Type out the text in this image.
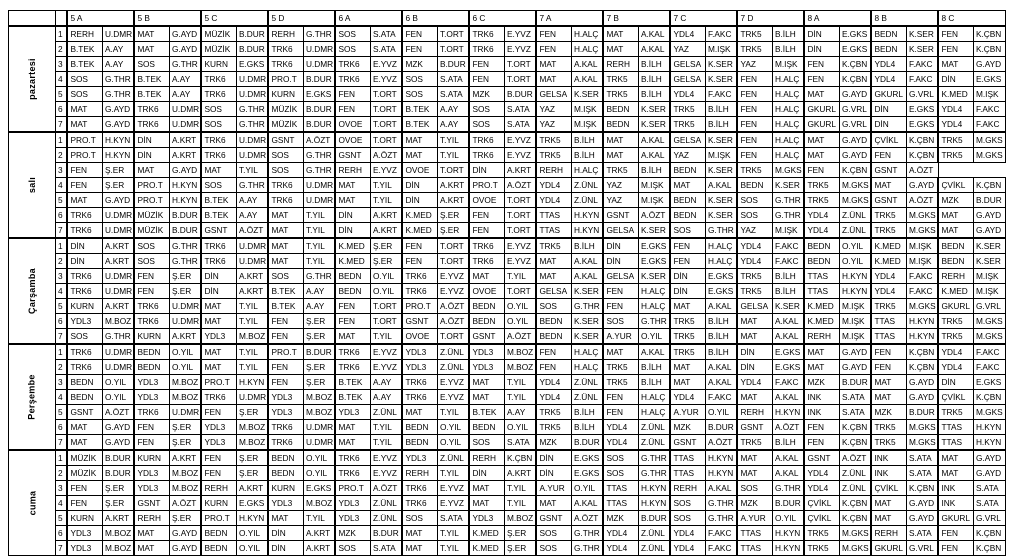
		5 A		5 B		5 C		5 D		6 A		6 B		6 C		7 A		7 B		7 C		7 D		8 A		8 B		8 C	
pazartesi	1	RERH	U.DMR	MAT	G.AYD	MÜZİK	B.DUR	RERH	G.THR	SOS	S.ATA	FEN	T.ORT	TRK6	E.YVZ	FEN	H.ALÇ	MAT	A.KAL	YDL4	F.AKC	TRK5	B.İLH	DİN	E.GKS	BEDN	K.SER	FEN	K.ÇBN
	2	B.TEK	A.AY	MAT	G.AYD	MÜZİK	B.DUR	TRK6	U.DMR	SOS	S.ATA	FEN	T.ORT	TRK6	E.YVZ	FEN	H.ALÇ	MAT	A.KAL	YAZ	M.IŞK	TRK5	B.İLH	DİN	E.GKS	BEDN	K.SER	FEN	K.ÇBN
	3	B.TEK	A.AY	SOS	G.THR	KURN	E.GKS	TRK6	U.DMR	TRK6	E.YVZ	MZK	B.DUR	FEN	T.ORT	MAT	A.KAL	RERH	B.İLH	GELSA	K.SER	YAZ	M.IŞK	FEN	K.ÇBN	YDL4	F.AKC	MAT	G.AYD
	4	SOS	G.THR	B.TEK	A.AY	TRK6	U.DMR	PRO.T	B.DUR	TRK6	E.YVZ	SOS	S.ATA	FEN	T.ORT	MAT	A.KAL	TRK5	B.İLH	GELSA	K.SER	FEN	H.ALÇ	FEN	K.ÇBN	YDL4	F.AKC	DİN	E.GKS
	5	SOS	G.THR	B.TEK	A.AY	TRK6	U.DMR	KURN	E.GKS	FEN	T.ORT	SOS	S.ATA	MZK	B.DUR	GELSA	K.SER	TRK5	B.İLH	YDL4	F.AKC	FEN	H.ALÇ	MAT	G.AYD	GKURL	G.VRL	K.MED	M.IŞK
	6	MAT	G.AYD	TRK6	U.DMR	SOS	G.THR	MÜZİK	B.DUR	FEN	T.ORT	B.TEK	A.AY	SOS	S.ATA	YAZ	M.IŞK	BEDN	K.SER	TRK5	B.İLH	FEN	H.ALÇ	GKURL	G.VRL	DİN	E.GKS	YDL4	F.AKC
	7	MAT	G.AYD	TRK6	U.DMR	SOS	G.THR	MÜZİK	B.DUR	OVOE	T.ORT	B.TEK	A.AY	SOS	S.ATA	YAZ	M.IŞK	BEDN	K.SER	TRK5	B.İLH	FEN	H.ALÇ	GKURL	G.VRL	DİN	E.GKS	YDL4	F.AKC
salı	1	PRO.T	H.KYN	DİN	A.KRT	TRK6	U.DMR	GSNT	A.ÖZT	OVOE	T.ORT	MAT	T.YIL	TRK6	E.YVZ	TRK5	B.İLH	MAT	A.KAL	GELSA	K.SER	FEN	H.ALÇ	MAT	G.AYD	ÇVİKL	K.ÇBN	TRK5	M.GKS
	2	PRO.T	H.KYN	DİN	A.KRT	TRK6	U.DMR	SOS	G.THR	GSNT	A.ÖZT	MAT	T.YIL	TRK6	E.YVZ	TRK5	B.İLH	MAT	A.KAL	YAZ	M.IŞK	FEN	H.ALÇ	MAT	G.AYD	FEN	K.ÇBN	TRK5	M.GKS
	3	FEN	Ş.ER	MAT	G.AYD	MAT	T.YIL	SOS	G.THR	RERH	E.YVZ	OVOE	T.ORT	DİN	A.KRT	RERH	H.ALÇ	TRK5	B.İLH	BEDN	K.SER	TRK5	M.GKS	FEN	K.ÇBN	GSNT	A.ÖZT		
	4	FEN	Ş.ER	PRO.T	H.KYN	SOS	G.THR	TRK6	U.DMR	MAT	T.YIL	DİN	A.KRT	PRO.T	A.ÖZT	YDL4	Z.ÜNL	YAZ	M.IŞK	MAT	A.KAL	BEDN	K.SER	TRK5	M.GKS	MAT	G.AYD	ÇVİKL	K.ÇBN
	5	MAT	G.AYD	PRO.T	H.KYN	B.TEK	A.AY	TRK6	U.DMR	MAT	T.YIL	DİN	A.KRT	OVOE	T.ORT	YDL4	Z.ÜNL	YAZ	M.IŞK	BEDN	K.SER	SOS	G.THR	TRK5	M.GKS	GSNT	A.ÖZT	MZK	B.DUR
	6	TRK6	U.DMR	MÜZİK	B.DUR	B.TEK	A.AY	MAT	T.YIL	DİN	A.KRT	K.MED	Ş.ER	FEN	T.ORT	TTAS	H.KYN	GSNT	A.ÖZT	BEDN	K.SER	SOS	G.THR	YDL4	Z.ÜNL	TRK5	M.GKS	MAT	G.AYD
	7	TRK6	U.DMR	MÜZİK	B.DUR	GSNT	A.ÖZT	MAT	T.YIL	DİN	A.KRT	K.MED	Ş.ER	FEN	T.ORT	TTAS	H.KYN	GELSA	K.SER	SOS	G.THR	YAZ	M.IŞK	YDL4	Z.ÜNL	TRK5	M.GKS	MAT	G.AYD
Çarşamba	1	DİN	A.KRT	SOS	G.THR	TRK6	U.DMR	MAT	T.YIL	K.MED	Ş.ER	FEN	T.ORT	TRK6	E.YVZ	TRK5	B.İLH	DİN	E.GKS	FEN	H.ALÇ	YDL4	F.AKC	BEDN	O.YIL	K.MED	M.IŞK	BEDN	K.SER
	2	DİN	A.KRT	SOS	G.THR	TRK6	U.DMR	MAT	T.YIL	K.MED	Ş.ER	FEN	T.ORT	TRK6	E.YVZ	MAT	A.KAL	DİN	E.GKS	FEN	H.ALÇ	YDL4	F.AKC	BEDN	O.YIL	K.MED	M.IŞK	BEDN	K.SER
	3	TRK6	U.DMR	FEN	Ş.ER	DİN	A.KRT	SOS	G.THR	BEDN	O.YIL	TRK6	E.YVZ	MAT	T.YIL	MAT	A.KAL	GELSA	K.SER	DİN	E.GKS	TRK5	B.İLH	TTAS	H.KYN	YDL4	F.AKC	RERH	M.IŞK
	4	TRK6	U.DMR	FEN	Ş.ER	DİN	A.KRT	B.TEK	A.AY	BEDN	O.YIL	TRK6	E.YVZ	OVOE	T.ORT	GELSA	K.SER	FEN	H.ALÇ	DİN	E.GKS	TRK5	B.İLH	TTAS	H.KYN	YDL4	F.AKC	K.MED	M.IŞK
	5	KURN	A.KRT	TRK6	U.DMR	MAT	T.YIL	B.TEK	A.AY	FEN	T.ORT	PRO.T	A.ÖZT	BEDN	O.YIL	SOS	G.THR	FEN	H.ALÇ	MAT	A.KAL	GELSA	K.SER	K.MED	M.IŞK	TRK5	M.GKS	GKURL	G.VRL
	6	YDL3	M.BOZ	TRK6	U.DMR	MAT	T.YIL	FEN	Ş.ER	FEN	T.ORT	GSNT	A.ÖZT	BEDN	O.YIL	BEDN	K.SER	SOS	G.THR	TRK5	B.İLH	MAT	A.KAL	K.MED	M.IŞK	TTAS	H.KYN	TRK5	M.GKS
	7	SOS	G.THR	KURN	A.KRT	YDL3	M.BOZ	FEN	Ş.ER	MAT	T.YIL	OVOE	T.ORT	GSNT	A.ÖZT	BEDN	K.SER	A.YUR	O.YIL	TRK5	B.İLH	MAT	A.KAL	RERH	M.IŞK	TTAS	H.KYN	TRK5	M.GKS
Perşembe	1	TRK6	U.DMR	BEDN	O.YIL	MAT	T.YIL	PRO.T	B.DUR	TRK6	E.YVZ	YDL3	Z.ÜNL	YDL3	M.BOZ	FEN	H.ALÇ	MAT	A.KAL	TRK5	B.İLH	DİN	E.GKS	MAT	G.AYD	FEN	K.ÇBN	YDL4	F.AKC
	2	TRK6	U.DMR	BEDN	O.YIL	MAT	T.YIL	FEN	Ş.ER	TRK6	E.YVZ	YDL3	Z.ÜNL	YDL3	M.BOZ	FEN	H.ALÇ	TRK5	B.İLH	MAT	A.KAL	DİN	E.GKS	MAT	G.AYD	FEN	K.ÇBN	YDL4	F.AKC
	3	BEDN	O.YIL	YDL3	M.BOZ	PRO.T	H.KYN	FEN	Ş.ER	B.TEK	A.AY	TRK6	E.YVZ	MAT	T.YIL	YDL4	Z.ÜNL	TRK5	B.İLH	MAT	A.KAL	YDL4	F.AKC	MZK	B.DUR	MAT	G.AYD	DİN	E.GKS
	4	BEDN	O.YIL	YDL3	M.BOZ	TRK6	U.DMR	YDL3	M.BOZ	B.TEK	A.AY	TRK6	E.YVZ	MAT	T.YIL	YDL4	Z.ÜNL	FEN	H.ALÇ	YDL4	F.AKC	MAT	A.KAL	INK	S.ATA	MAT	G.AYD	ÇVİKL	K.ÇBN
	5	GSNT	A.ÖZT	TRK6	U.DMR	FEN	Ş.ER	YDL3	M.BOZ	YDL3	Z.ÜNL	MAT	T.YIL	B.TEK	A.AY	TRK5	B.İLH	FEN	H.ALÇ	A.YUR	O.YIL	RERH	H.KYN	INK	S.ATA	MZK	B.DUR	TRK5	M.GKS
	6	MAT	G.AYD	FEN	Ş.ER	YDL3	M.BOZ	TRK6	U.DMR	MAT	T.YIL	BEDN	O.YIL	BEDN	O.YIL	TRK5	B.İLH	YDL4	Z.ÜNL	MZK	B.DUR	GSNT	A.ÖZT	FEN	K.ÇBN	TRK5	M.GKS	TTAS	H.KYN
	7	MAT	G.AYD	FEN	Ş.ER	YDL3	M.BOZ	TRK6	U.DMR	MAT	T.YIL	BEDN	O.YIL	SOS	S.ATA	MZK	B.DUR	YDL4	Z.ÜNL	GSNT	A.ÖZT	TRK5	B.İLH	FEN	K.ÇBN	TRK5	M.GKS	TTAS	H.KYN
cuma	1	MÜZİK	B.DUR	KURN	A.KRT	FEN	Ş.ER	BEDN	O.YIL	TRK6	E.YVZ	YDL3	Z.ÜNL	RERH	K.ÇBN	DİN	E.GKS	SOS	G.THR	TTAS	H.KYN	MAT	A.KAL	GSNT	A.ÖZT	INK	S.ATA	MAT	G.AYD
	2	MÜZİK	B.DUR	YDL3	M.BOZ	FEN	Ş.ER	BEDN	O.YIL	TRK6	E.YVZ	RERH	T.YIL	DİN	A.KRT	DİN	E.GKS	SOS	G.THR	TTAS	H.KYN	MAT	A.KAL	YDL4	Z.ÜNL	INK	S.ATA	MAT	G.AYD
	3	FEN	Ş.ER	YDL3	M.BOZ	RERH	A.KRT	KURN	E.GKS	PRO.T	A.ÖZT	TRK6	E.YVZ	MAT	T.YIL	A.YUR	O.YIL	TTAS	H.KYN	RERH	A.KAL	SOS	G.THR	YDL4	Z.ÜNL	ÇVİKL	K.ÇBN	INK	S.ATA
	4	FEN	Ş.ER	GSNT	A.ÖZT	KURN	E.GKS	YDL3	M.BOZ	YDL3	Z.ÜNL	TRK6	E.YVZ	MAT	T.YIL	MAT	A.KAL	TTAS	H.KYN	SOS	G.THR	MZK	B.DUR	ÇVİKL	K.ÇBN	MAT	G.AYD	INK	S.ATA
	5	KURN	A.KRT	RERH	Ş.ER	PRO.T	H.KYN	MAT	T.YIL	YDL3	Z.ÜNL	SOS	S.ATA	YDL3	M.BOZ	GSNT	A.ÖZT	MZK	B.DUR	SOS	G.THR	A.YUR	O.YIL	ÇVİKL	K.ÇBN	MAT	G.AYD	GKURL	G.VRL
	6	YDL3	M.BOZ	MAT	G.AYD	BEDN	O.YIL	DİN	A.KRT	MZK	B.DUR	MAT	T.YIL	K.MED	Ş.ER	SOS	G.THR	YDL4	Z.ÜNL	YDL4	F.AKC	TTAS	H.KYN	TRK5	M.GKS	RERH	S.ATA	FEN	K.ÇBN
	7	YDL3	M.BOZ	MAT	G.AYD	BEDN	O.YIL	DİN	A.KRT	SOS	S.ATA	MAT	T.YIL	K.MED	Ş.ER	SOS	G.THR	YDL4	Z.ÜNL	YDL4	F.AKC	TTAS	H.KYN	TRK5	M.GKS	GKURL	G.VRL	FEN	K.ÇBN
